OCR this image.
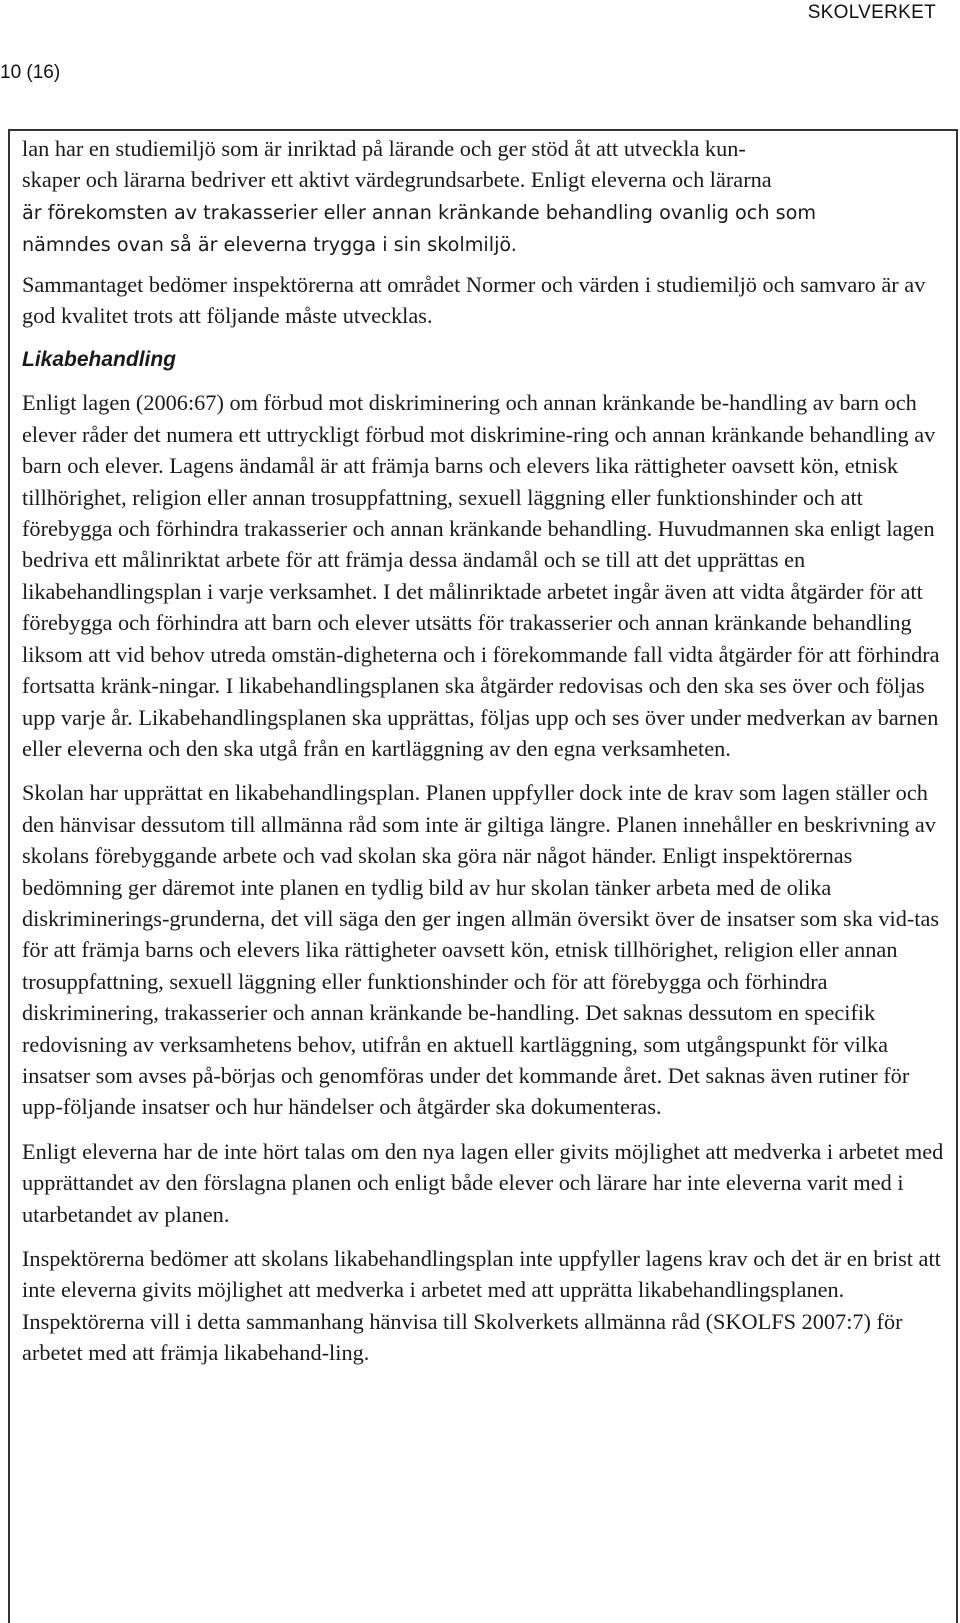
SKOLVERKET
10 (16)

lan har en studiemiljö som är inriktad på lärande och ger stöd åt att utveckla kun-
skaper och lärarna bedriver ett aktivt värdegrundsarbete. Enligt eleverna och lärarna
är förekomsten av trakasserier eller annan kränkande behandling ovanlig och som
nämndes ovan så är eleverna trygga i sin skolmiljö.

Sammantaget bedömer inspektörerna att området Normer och värden i studiemiljö och samvaro är av god kvalitet trots att följande måste utvecklas.

Likabehandling

Enligt lagen (2006:67) om förbud mot diskriminering och annan kränkande be-handling av barn och elever råder det numera ett uttryckligt förbud mot diskrimine-ring och annan kränkande behandling av barn och elever. Lagens ändamål är att främja barns och elevers lika rättigheter oavsett kön, etnisk tillhörighet, religion eller annan trosuppfattning, sexuell läggning eller funktionshinder och att förebygga och förhindra trakasserier och annan kränkande behandling. Huvudmannen ska enligt lagen bedriva ett målinriktat arbete för att främja dessa ändamål och se till att det upprättas en likabehandlingsplan i varje verksamhet. I det målinriktade arbetet ingår även att vidta åtgärder för att förebygga och förhindra att barn och elever utsätts för trakasserier och annan kränkande behandling liksom att vid behov utreda omstän-digheterna och i förekommande fall vidta åtgärder för att förhindra fortsatta kränk-ningar. I likabehandlingsplanen ska åtgärder redovisas och den ska ses över och följas upp varje år. Likabehandlingsplanen ska upprättas, följas upp och ses över under medverkan av barnen eller eleverna och den ska utgå från en kartläggning av den egna verksamheten.

Skolan har upprättat en likabehandlingsplan. Planen uppfyller dock inte de krav som lagen ställer och den hänvisar dessutom till allmänna råd som inte är giltiga längre. Planen innehåller en beskrivning av skolans förebyggande arbete och vad skolan ska göra när något händer. Enligt inspektörernas bedömning ger däremot inte planen en tydlig bild av hur skolan tänker arbeta med de olika diskriminerings-grunderna, det vill säga den ger ingen allmän översikt över de insatser som ska vid-tas för att främja barns och elevers lika rättigheter oavsett kön, etnisk tillhörighet, religion eller annan trosuppfattning, sexuell läggning eller funktionshinder och för att förebygga och förhindra diskriminering, trakasserier och annan kränkande be-handling. Det saknas dessutom en specifik redovisning av verksamhetens behov, utifrån en aktuell kartläggning, som utgångspunkt för vilka insatser som avses på-börjas och genomföras under det kommande året. Det saknas även rutiner för upp-följande insatser och hur händelser och åtgärder ska dokumenteras.

Enligt eleverna har de inte hört talas om den nya lagen eller givits möjlighet att medverka i arbetet med upprättandet av den förslagna planen och enligt både elever och lärare har inte eleverna varit med i utarbetandet av planen.

Inspektörerna bedömer att skolans likabehandlingsplan inte uppfyller lagens krav och det är en brist att inte eleverna givits möjlighet att medverka i arbetet med att upprätta likabehandlingsplanen. Inspektörerna vill i detta sammanhang hänvisa till Skolverkets allmänna råd (SKOLFS 2007:7) för arbetet med att främja likabehand-ling.
